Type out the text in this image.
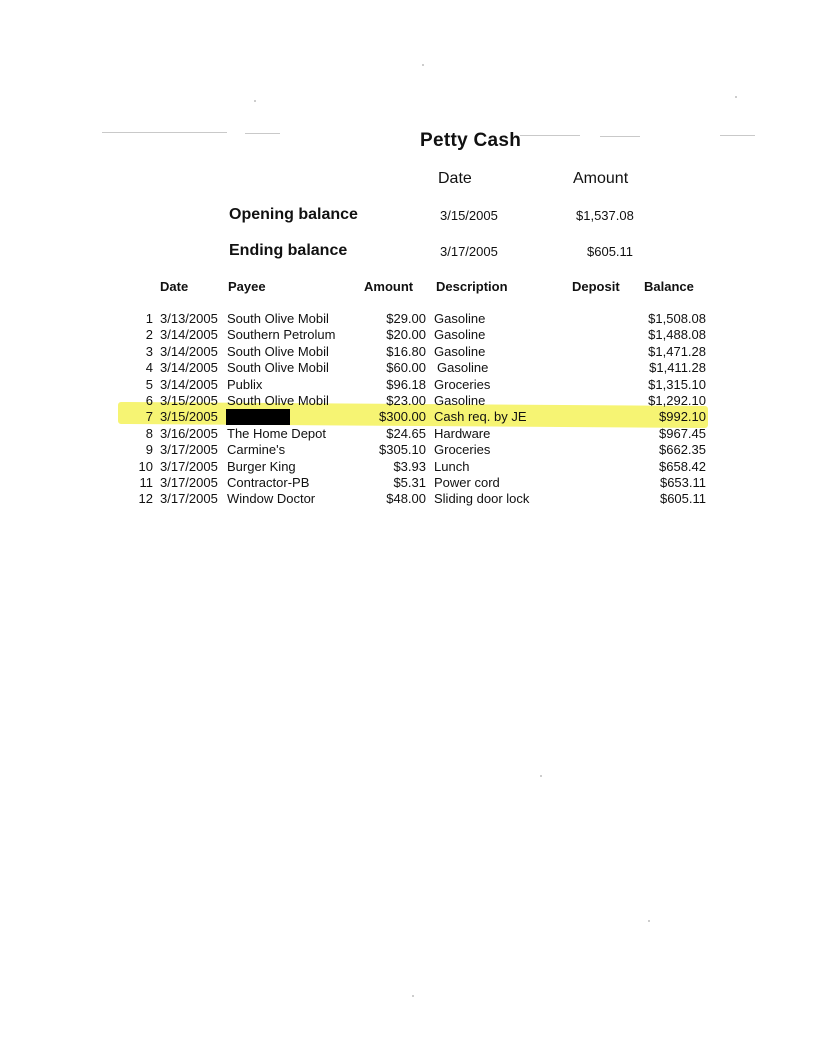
Petty Cash
Date	Amount
Opening balance	3/15/2005	$1,537.08
Ending balance	3/17/2005	$605.11
Date	Payee	Amount Description	Deposit Balance
1 3/13/2005 South Olive Mobil	$29.00 Gasoline	$1,508.08
2 3/14/2005 Southern Petrolum	$20.00 Gasoline	$1,488.08
3 3/14/2005 South Olive Mobil	$16.80 Gasoline	$1,471.28
4 3/14/2005 South Olive Mobil	$60.00 Gasoline	$1,411.28
5 3/14/2005 Publix	$96.18 Groceries	$1,315.10
6 3/15/2005 South Olive Mobil	$23.00 Gasoline	$1,292.10
7 3/15/2005	$300.00 Cash req. by JE	$992.10
8 3/16/2005 The Home Depot	$24.65 Hardware	$967.45
9 3/17/2005 Carmine's	$305.10 Groceries	$662.35
10 3/17/2005 Burger King	$3.93 Lunch	$658.42
11 3/17/2005 Contractor-PB	$5.31 Power cord	$653.11
12 3/17/2005 Window Doctor	$48.00 Sliding door lock	$605.11
